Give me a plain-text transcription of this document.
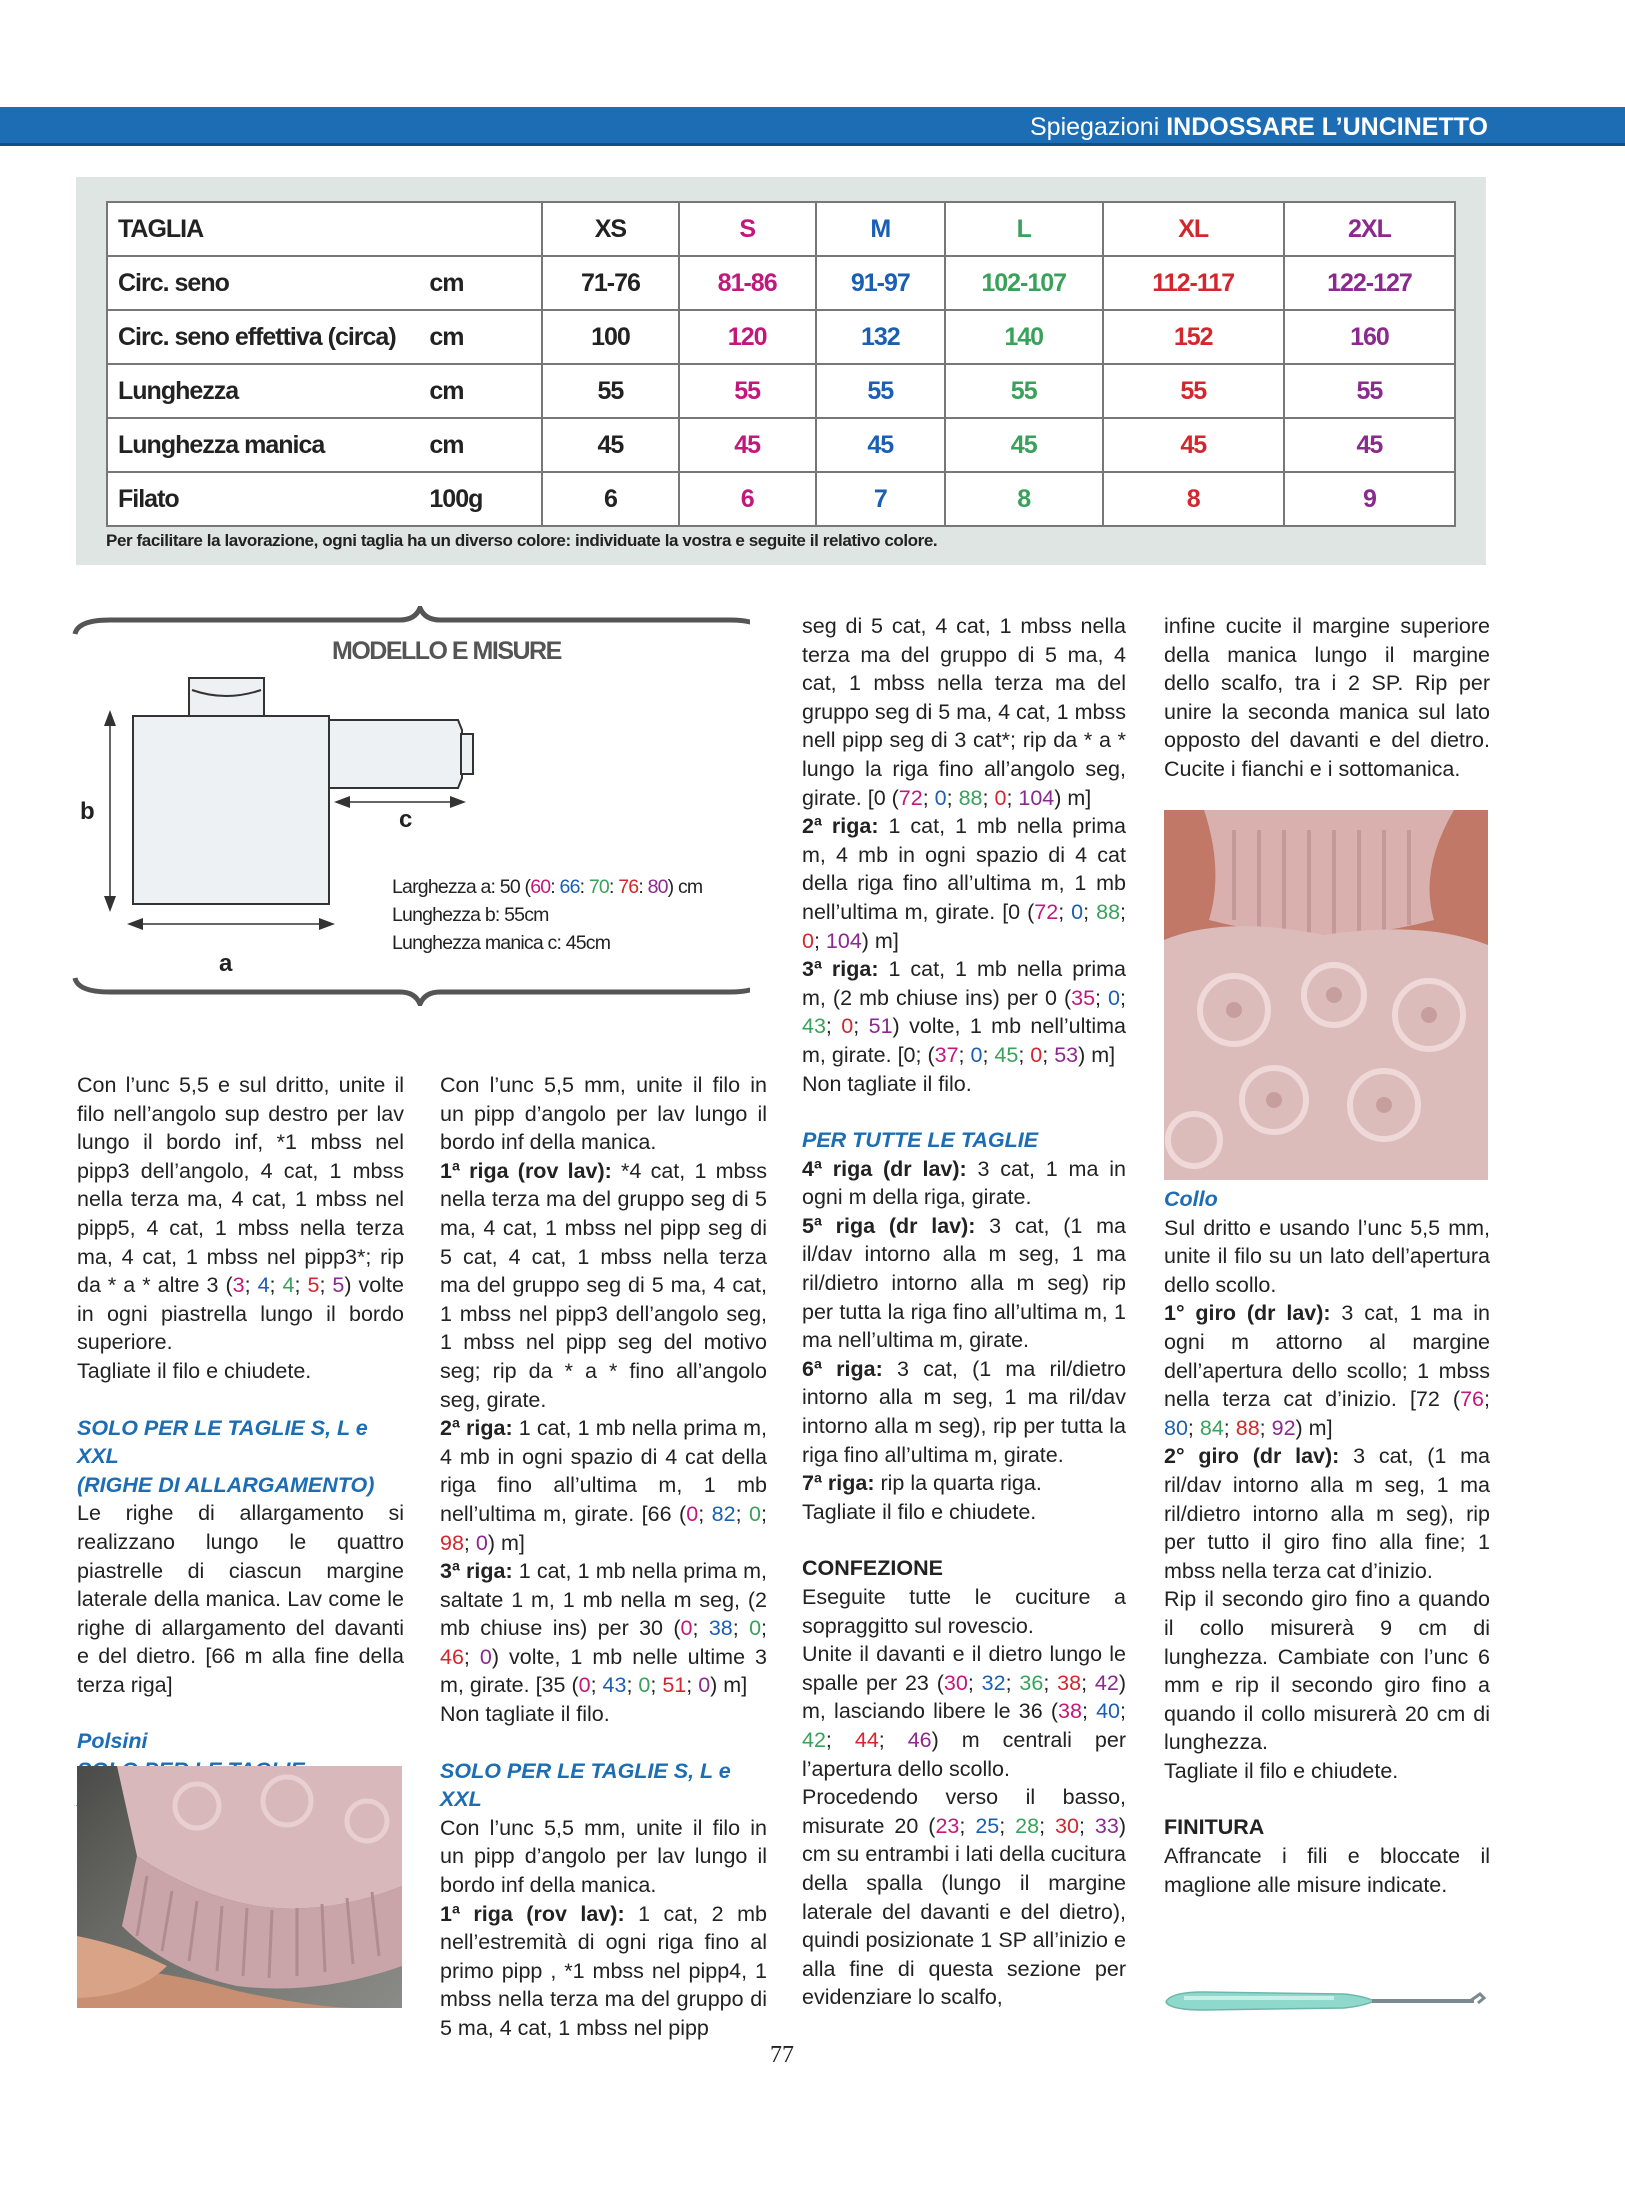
Spiegazioni INDOSSARE L’UNCINETTO
TAGLIA		XS	S	M	L	XL	2XL
Circ. seno	cm	71-76	81-86	91-97	102-107	112-117	122-127
Circ. seno effettiva (circa)	cm	100	120	132	140	152	160
Lunghezza	cm	55	55	55	55	55	55
Lunghezza manica	cm	45	45	45	45	45	45
Filato	100g	6	6	7	8	8	9
Per facilitare la lavorazione, ogni taglia ha un diverso colore: individuate la vostra e seguite il relativo colore.
MODELLO E MISURE
b	c
a
Larghezza a: 50 (60: 66: 70: 76: 80) cm
Lunghezza b: 55cm
Lunghezza manica c: 45cm

Con l’unc 5,5 e sul dritto, unite il filo nell’angolo sup destro per lav lungo il bordo inf, *1 mbss nel pipp3 dell’angolo, 4 cat, 1 mbss nella terza ma, 4 cat, 1 mbss nel pipp5, 4 cat, 1 mbss nella terza ma, 4 cat, 1 mbss nel pipp3*; rip da * a * altre 3 (3; 4; 4; 5; 5) volte in ogni piastrella lungo il bordo superiore.

Tagliate il filo e chiudete.

SOLO PER LE TAGLIE S, L e XXL

(RIGHE DI ALLARGAMENTO)

Le righe di allargamento si realizzano lungo le quattro piastrelle di ciascun margine laterale della manica. Lav come le righe di allargamento del davanti e del dietro. [66 m alla fine della terza riga]

Polsini

Con l’unc 5,5 mm, unite il filo in un pipp d’angolo per lav lungo il bordo inf della manica.

1ª riga (rov lav): *4 cat, 1 mbss nella terza ma del gruppo seg di 5 ma, 4 cat, 1 mbss nel pipp seg di 5 cat, 4 cat, 1 mbss nella terza ma del gruppo seg di 5 ma, 4 cat, 1 mbss nel pipp3 dell’angolo seg, 1 mbss nel pipp seg del motivo seg; rip da * a * fino all’angolo seg, girate.

2ª riga: 1 cat, 1 mb nella prima m, 4 mb in ogni spazio di 4 cat della riga fino all’ultima m, 1 mb nell’ultima m, girate. [66 (0; 82; 0; 98; 0) m]

3ª riga: 1 cat, 1 mb nella prima m, saltate 1 m, 1 mb nella m seg, (2 mb chiuse ins) per 30 (0; 38; 0; 46; 0) volte, 1 mb nelle ultime 3 m, girate. [35 (0; 43; 0; 51; 0) m]

Non tagliate il filo.

SOLO PER LE TAGLIE S, L e XXL

Con l’unc 5,5 mm, unite il filo in un pipp d’angolo per lav lungo il bordo inf della manica.

1ª riga (rov lav): 1 cat, 2 mb nell’estremità di ogni riga fino al primo pipp , *1 mbss nel pipp4, 1 mbss nella terza ma del gruppo di 5 ma, 4 cat, 1 mbss nel pipp

seg di 5 cat, 4 cat, 1 mbss nella terza ma del gruppo di 5 ma, 4 cat, 1 mbss nella terza ma del gruppo seg di 5 ma, 4 cat, 1 mbss nell pipp seg di 3 cat*; rip da * a * lungo la riga fino all’angolo seg, girate. [0 (72; 0; 88; 0; 104) m]

2ª riga: 1 cat, 1 mb nella prima m, 4 mb in ogni spazio di 4 cat della riga fino all’ultima m, 1 mb nell’ultima m, girate. [0 (72; 0; 88; 0; 104) m]

3ª riga: 1 cat, 1 mb nella prima m, (2 mb chiuse ins) per 0 (35; 0; 43; 0; 51) volte, 1 mb nell’ultima m, girate. [0; (37; 0; 45; 0; 53) m]

Non tagliate il filo.

PER TUTTE LE TAGLIE

4ª riga (dr lav): 3 cat, 1 ma in ogni m della riga, girate.

5ª riga (dr lav): 3 cat, (1 ma il/dav intorno alla m seg, 1 ma ril/dietro intorno alla m seg) rip per tutta la riga fino all’ultima m, 1 ma nell’ultima m, girate.

6ª riga: 3 cat, (1 ma ril/dietro intorno alla m seg, 1 ma ril/dav intorno alla m seg), rip per tutta la riga fino all’ultima m, girate.

7ª riga: rip la quarta riga.

Tagliate il filo e chiudete.

CONFEZIONE

Eseguite tutte le cuciture a sopraggitto sul rovescio.

Unite il davanti e il dietro lungo le spalle per 23 (30; 32; 36; 38; 42) m, lasciando libere le 36 (38; 40; 42; 44; 46) m centrali per l’apertura dello scollo.

Procedendo verso il basso, misurate 20 (23; 25; 28; 30; 33) cm su entrambi i lati della cucitura della spalla (lungo il margine laterale del davanti e del dietro), quindi posizionate 1 SP all’inizio e alla fine di questa sezione per evidenziare lo scalfo,

infine cucite il margine superiore della manica lungo il margine dello scalfo, tra i 2 SP. Rip per unire la seconda manica sul lato opposto del davanti e del dietro. Cucite i fianchi e i sottomanica.

Collo

Sul dritto e usando l’unc 5,5 mm, unite il filo su un lato dell’apertura dello scollo.

1° giro (dr lav): 3 cat, 1 ma in ogni m attorno al margine dell’apertura dello scollo; 1 mbss nella terza cat d’inizio. [72 (76; 80; 84; 88; 92) m]

2° giro (dr lav): 3 cat, (1 ma ril/dav intorno alla m seg, 1 ma ril/dietro intorno alla m seg), rip per tutto il giro fino alla fine; 1 mbss nella terza cat d’inizio.

Rip il secondo giro fino a quando il collo misurerà 9 cm di lunghezza. Cambiate con l’unc 6 mm e rip il secondo giro fino a quando il collo misurerà 20 cm di lunghezza.

Tagliate il filo e chiudete.

FINITURA

Affrancate i fili e bloccate il maglione alle misure indicate.

77
